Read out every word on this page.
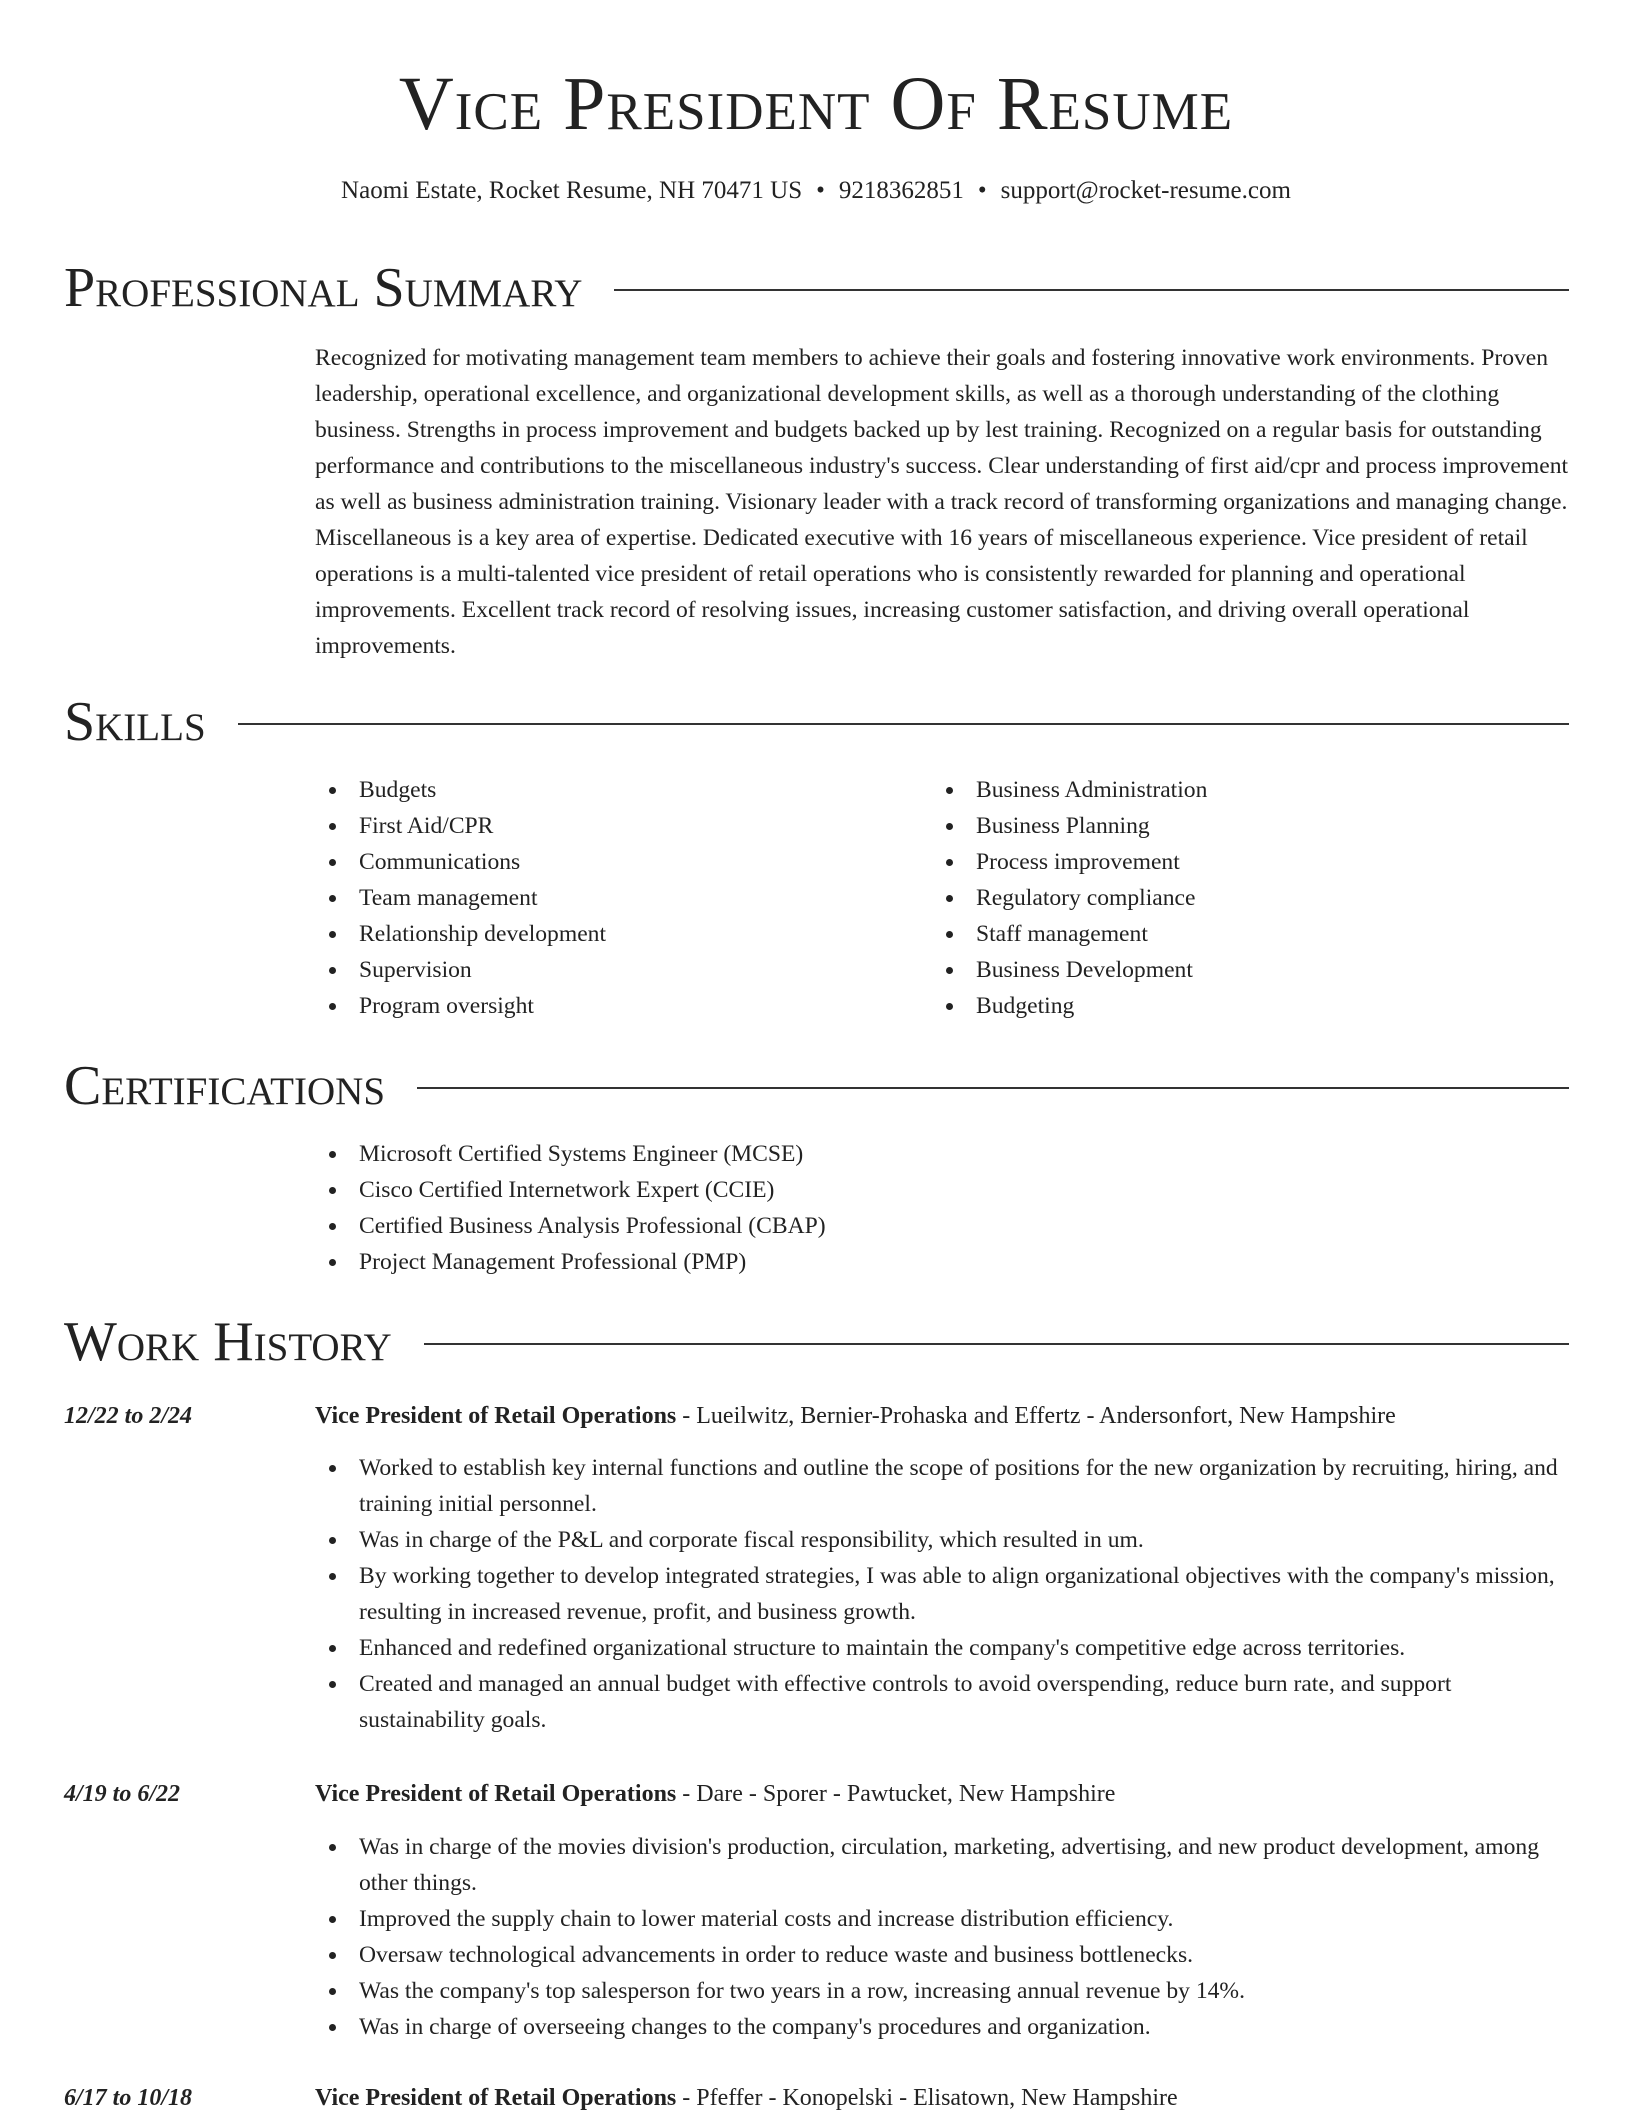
Vice President Of Resume
Naomi Estate, Rocket Resume, NH 70471 US • 9218362851 • support@rocket-resume.com
Professional Summary

Recognized for motivating management team members to achieve their goals and fostering innovative work environments. Proven leadership, operational excellence, and organizational development skills, as well as a thorough understanding of the clothing business. Strengths in process improvement and budgets backed up by lest training. Recognized on a regular basis for outstanding performance and contributions to the miscellaneous industry's success. Clear understanding of first aid/cpr and process improvement as well as business administration training. Visionary leader with a track record of transforming organizations and managing change. Miscellaneous is a key area of expertise. Dedicated executive with 16 years of miscellaneous experience. Vice president of retail operations is a multi-talented vice president of retail operations who is consistently rewarded for planning and operational improvements. Excellent track record of resolving issues, increasing customer satisfaction, and driving overall operational improvements.

Skills
Budgets
First Aid/CPR
Communications
Team management
Relationship development
Supervision
Program oversight
Business Administration
Business Planning
Process improvement
Regulatory compliance
Staff management
Business Development
Budgeting
Certifications
Microsoft Certified Systems Engineer (MCSE)
Cisco Certified Internetwork Expert (CCIE)
Certified Business Analysis Professional (CBAP)
Project Management Professional (PMP)
Work History
12/22 to 2/24	Vice President of Retail Operations - Lueilwitz, Bernier-Prohaska and Effertz - Andersonfort, New Hampshire
Worked to establish key internal functions and outline the scope of positions for the new organization by recruiting, hiring, and training initial personnel.
Was in charge of the P&L and corporate fiscal responsibility, which resulted in um.
By working together to develop integrated strategies, I was able to align organizational objectives with the company's mission, resulting in increased revenue, profit, and business growth.
Enhanced and redefined organizational structure to maintain the company's competitive edge across territories.
Created and managed an annual budget with effective controls to avoid overspending, reduce burn rate, and support sustainability goals.
4/19 to 6/22	Vice President of Retail Operations - Dare - Sporer - Pawtucket, New Hampshire
Was in charge of the movies division's production, circulation, marketing, advertising, and new product development, among other things.
Improved the supply chain to lower material costs and increase distribution efficiency.
Oversaw technological advancements in order to reduce waste and business bottlenecks.
Was the company's top salesperson for two years in a row, increasing annual revenue by 14%.
Was in charge of overseeing changes to the company's procedures and organization.
6/17 to 10/18	Vice President of Retail Operations - Pfeffer - Konopelski - Elisatown, New Hampshire
